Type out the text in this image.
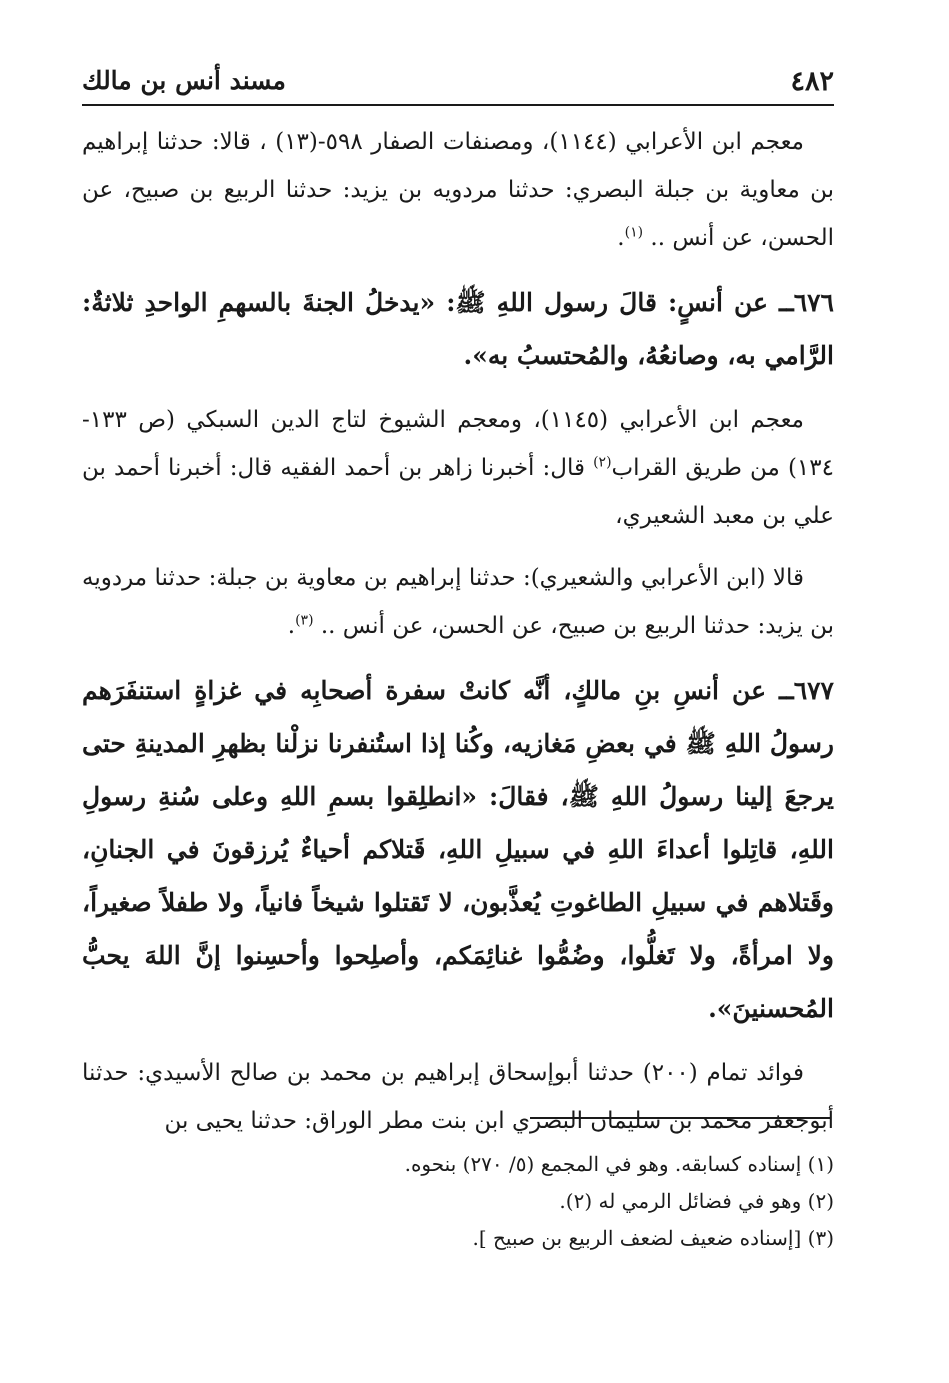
٤٨٢
مسند أنس بن مالك

معجم ابن الأعرابي (١١٤٤)، ومصنفات الصفار ٥٩٨-(١٣) ، قالا: حدثنا إبراهيم بن معاوية بن جبلة البصري: حدثنا مردويه بن يزيد: حدثنا الربيع بن صبيح، عن الحسن، عن أنس .. $^{(١)}$.

٦٧٦ــ عن أنسٍ: قالَ رسول اللهِ ﷺ: «يدخلُ الجنةَ بالسهمِ الواحدِ ثلاثةٌ: الرَّامي به، وصانعُهُ، والمُحتسبُ به».

معجم ابن الأعرابي (١١٤٥)، ومعجم الشيوخ لتاج الدين السبكي (ص ١٣٣- ١٣٤) من طريق القراب$^{(٢)}$ قال: أخبرنا زاهر بن أحمد الفقيه قال: أخبرنا أحمد بن علي بن معبد الشعيري،

قالا (ابن الأعرابي والشعيري): حدثنا إبراهيم بن معاوية بن جبلة: حدثنا مردويه بن يزيد: حدثنا الربيع بن صبيح، عن الحسن، عن أنس .. $^{(٣)}$.

٦٧٧ــ عن أنسِ بنِ مالكٍ، أنَّه كانتْ سفرة أصحابِه في غزاةٍ استنفَرَهم رسولُ اللهِ ﷺ في بعضِ مَغازيه، وكُنا إذا استُنفرنا نزلْنا بظهرِ المدينةِ حتى يرجعَ إلينا رسولُ اللهِ ﷺ، فقالَ: «انطلِقوا بسمِ اللهِ وعلى سُنةِ رسولِ اللهِ، قاتِلوا أعداءَ اللهِ في سبيلِ اللهِ، قَتلاكم أحياءٌ يُرزقونَ في الجنانِ، وقَتلاهم في سبيلِ الطاغوتِ يُعذَّبون، لا تَقتلوا شيخاً فانياً، ولا طفلاً صغيراً، ولا امرأةً، ولا تَغلُّوا، وضُمُّوا غنائِمَكم، وأصلِحوا وأحسِنوا إنَّ اللهَ يحبُّ المُحسنينَ».

فوائد تمام (٢٠٠) حدثنا أبوإسحاق إبراهيم بن محمد بن صالح الأسيدي: حدثنا أبوجعفر محمد بن سليمان البصري ابن بنت مطر الوراق: حدثنا يحيى بن

(١) إسناده كسابقه. وهو في المجمع (٥/ ٢٧٠) بنحوه.

(٢) وهو في فضائل الرمي له (٢).

(٣) [إسناده ضعيف لضعف الربيع بن صبيح ].
